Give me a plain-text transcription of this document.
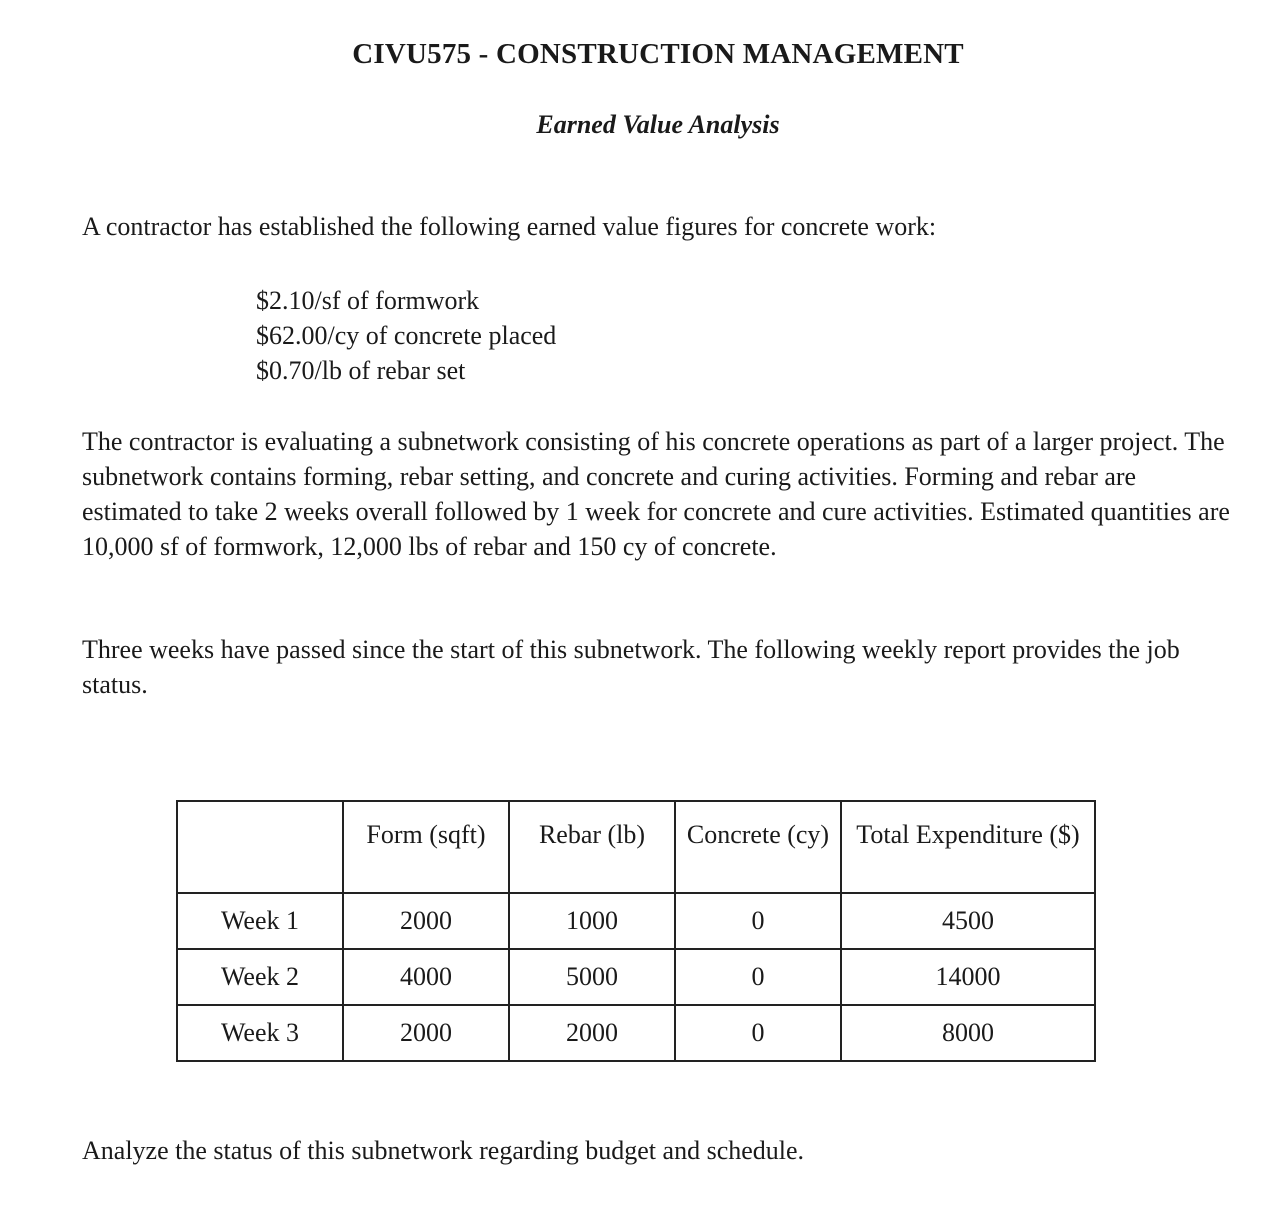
CIVU575 - CONSTRUCTION MANAGEMENT
Earned Value Analysis

A contractor has established the following earned value figures for concrete work:

$2.10/sf of formwork
$62.00/cy of concrete placed
$0.70/lb of rebar set

The contractor is evaluating a subnetwork consisting of his concrete operations as part of a larger project. The subnetwork contains forming, rebar setting, and concrete and curing activities. Forming and rebar are estimated to take 2 weeks overall followed by 1 week for concrete and cure activities. Estimated quantities are 10,000 sf of formwork, 12,000 lbs of rebar and 150 cy of concrete.

Three weeks have passed since the start of this subnetwork. The following weekly report provides the job status.

	Form (sqft)	Rebar (lb)	Concrete (cy)	Total Expenditure ($)
Week 1	2000	1000	0	4500
Week 2	4000	5000	0	14000
Week 3	2000	2000	0	8000

Analyze the status of this subnetwork regarding budget and schedule.
